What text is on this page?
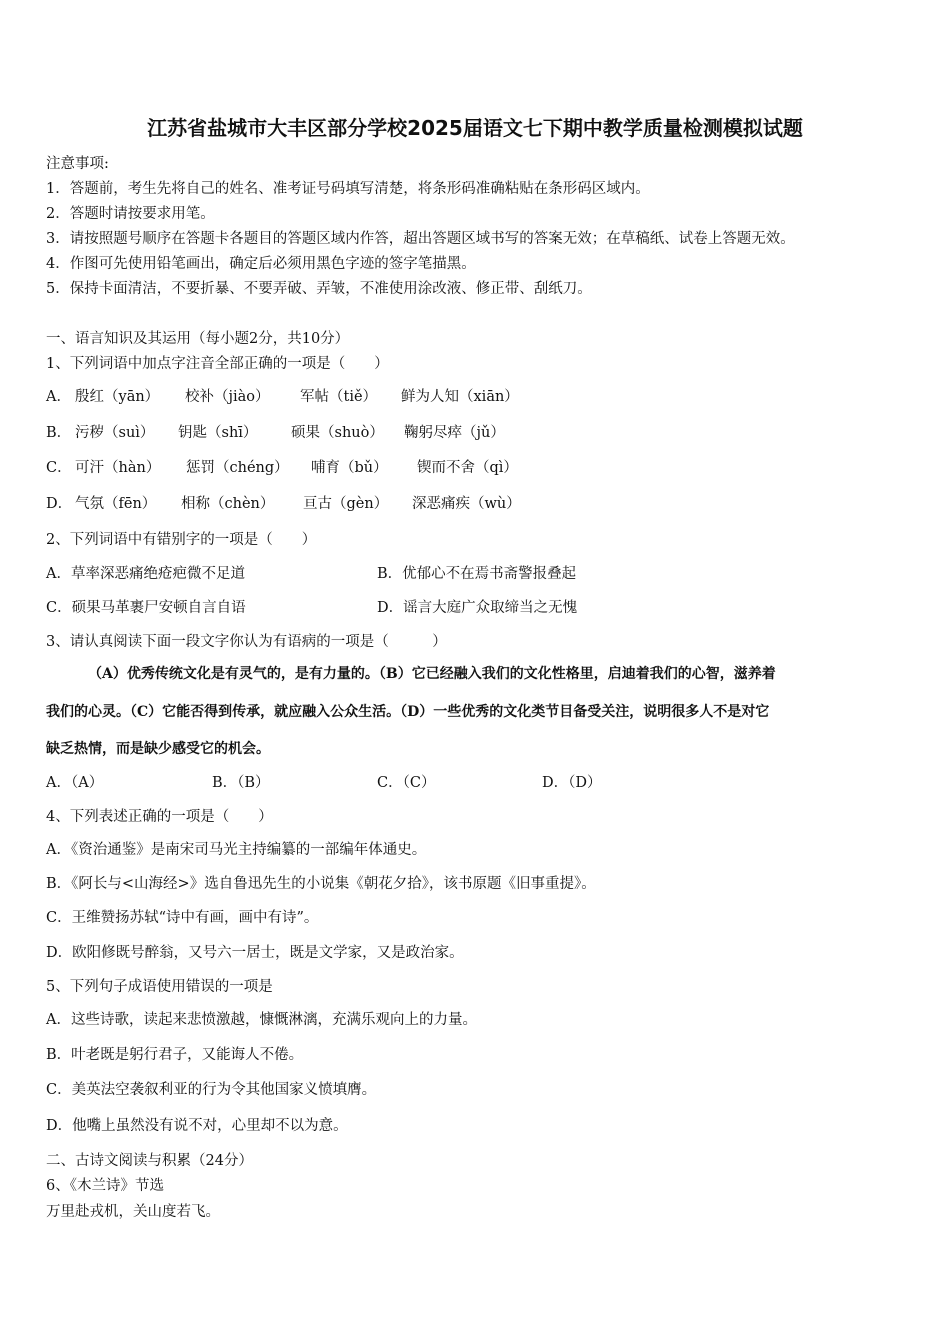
江苏省盐城市大丰区部分学校2025届语文七下期中教学质量检测模拟试题
注意事项:
1．答题前，考生先将自己的姓名、准考证号码填写清楚，将条形码准确粘贴在条形码区域内。
2．答题时请按要求用笔。
3．请按照题号顺序在答题卡各题目的答题区域内作答，超出答题区域书写的答案无效；在草稿纸、试卷上答题无效。
4．作图可先使用铅笔画出，确定后必须用黑色字迹的签字笔描黑。
5．保持卡面清洁，不要折暴、不要弄破、弄皱，不准使用涂改液、修正带、刮纸刀。
一、语言知识及其运用（每小题2分，共10分）
1、下列词语中加点字注音全部正确的一项是（　　）
A． 殷红（yān） 校补（jiào） 军帖（tiě） 鲜为人知（xiān）
B． 污秽（suì） 钥匙（shī） 硕果（shuò） 鞠躬尽瘁（jǔ）
C． 可汗（hàn） 惩罚（chéng） 哺育（bǔ） 锲而不舍（qì）
D． 气氛（fēn） 相称（chèn） 亘古（gèn） 深恶痛疾（wù）
2、下列词语中有错别字的一项是（　　）
A．草率深恶痛绝疮疤微不足道	B．优郁心不在焉书斋警报叠起
C．硕果马革裹尸安顿自言自语	D．谣言大庭广众取缔当之无愧
3、请认真阅读下面一段文字你认为有语病的一项是（　　　）
（A）优秀传统文化是有灵气的，是有力量的。（B）它已经融入我们的文化性格里，启迪着我们的心智，滋养着
我们的心灵。（C）它能否得到传承，就应融入公众生活。（D）一些优秀的文化类节目备受关注，说明很多人不是对它
缺乏热情，而是缺少感受它的机会。
A．（A）	B．（B）	C．（C）	D．（D）
4、下列表述正确的一项是（　　）
A．《资治通鉴》是南宋司马光主持编纂的一部编年体通史。
B．《阿长与<山海经>》选自鲁迅先生的小说集《朝花夕拾》，该书原题《旧事重提》。
C．王维赞扬苏轼“诗中有画，画中有诗”。
D．欧阳修既号醉翁，又号六一居士，既是文学家，又是政治家。
5、下列句子成语使用错误的一项是
A．这些诗歌，读起来悲愤激越，慷慨淋漓，充满乐观向上的力量。
B．叶老既是躬行君子，又能诲人不倦。
C．美英法空袭叙利亚的行为令其他国家义愤填膺。
D．他嘴上虽然没有说不对，心里却不以为意。
二、古诗文阅读与积累（24分）
6、《木兰诗》节选
万里赴戎机，关山度若飞。
